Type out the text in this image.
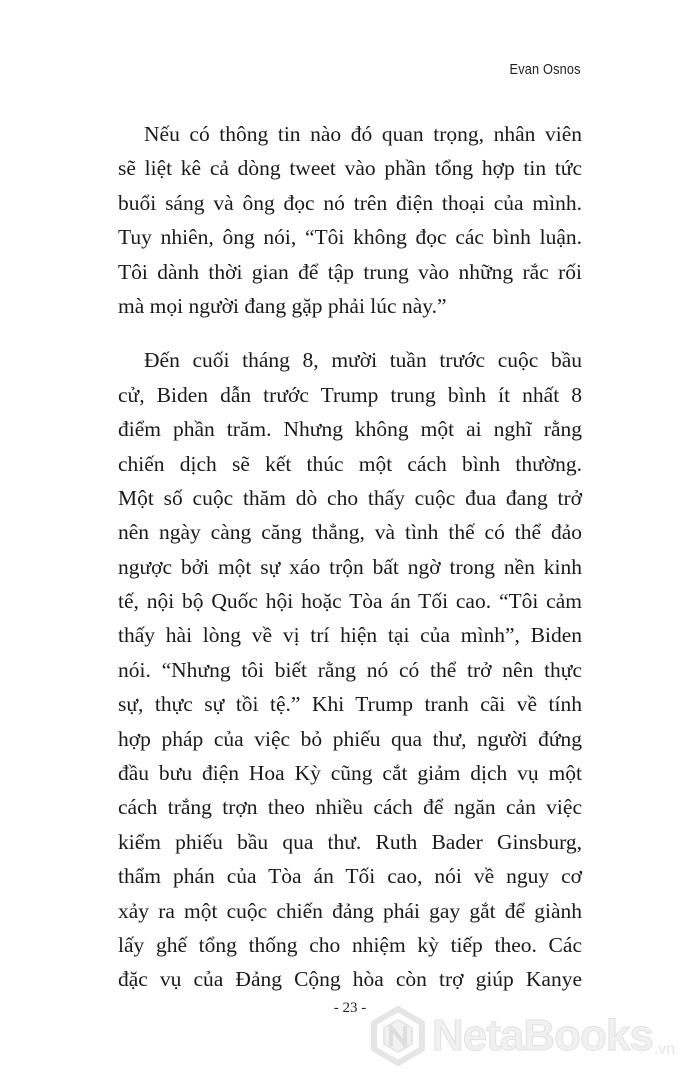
Evan Osnos

Nếu có thông tin nào đó quan trọng, nhân viên
sẽ liệt kê cả dòng tweet vào phần tổng hợp tin tức
buổi sáng và ông đọc nó trên điện thoại của mình.
Tuy nhiên, ông nói, “Tôi không đọc các bình luận.
Tôi dành thời gian để tập trung vào những rắc rối
mà mọi người đang gặp phải lúc này.”

Đến cuối tháng 8, mười tuần trước cuộc bầu
cử, Biden dẫn trước Trump trung bình ít nhất 8
điểm phần trăm. Nhưng không một ai nghĩ rằng
chiến dịch sẽ kết thúc một cách bình thường.
Một số cuộc thăm dò cho thấy cuộc đua đang trở
nên ngày càng căng thẳng, và tình thế có thể đảo
ngược bởi một sự xáo trộn bất ngờ trong nền kinh
tế, nội bộ Quốc hội hoặc Tòa án Tối cao. “Tôi cảm
thấy hài lòng về vị trí hiện tại của mình”, Biden
nói. “Nhưng tôi biết rằng nó có thể trở nên thực
sự, thực sự tồi tệ.” Khi Trump tranh cãi về tính
hợp pháp của việc bỏ phiếu qua thư, người đứng
đầu bưu điện Hoa Kỳ cũng cắt giảm dịch vụ một
cách trắng trợn theo nhiều cách để ngăn cản việc
kiểm phiếu bầu qua thư. Ruth Bader Ginsburg,
thẩm phán của Tòa án Tối cao, nói về nguy cơ
xảy ra một cuộc chiến đảng phái gay gắt để giành
lấy ghế tổng thống cho nhiệm kỳ tiếp theo. Các
đặc vụ của Đảng Cộng hòa còn trợ giúp Kanye

- 23 -
NetaBooks .vn
